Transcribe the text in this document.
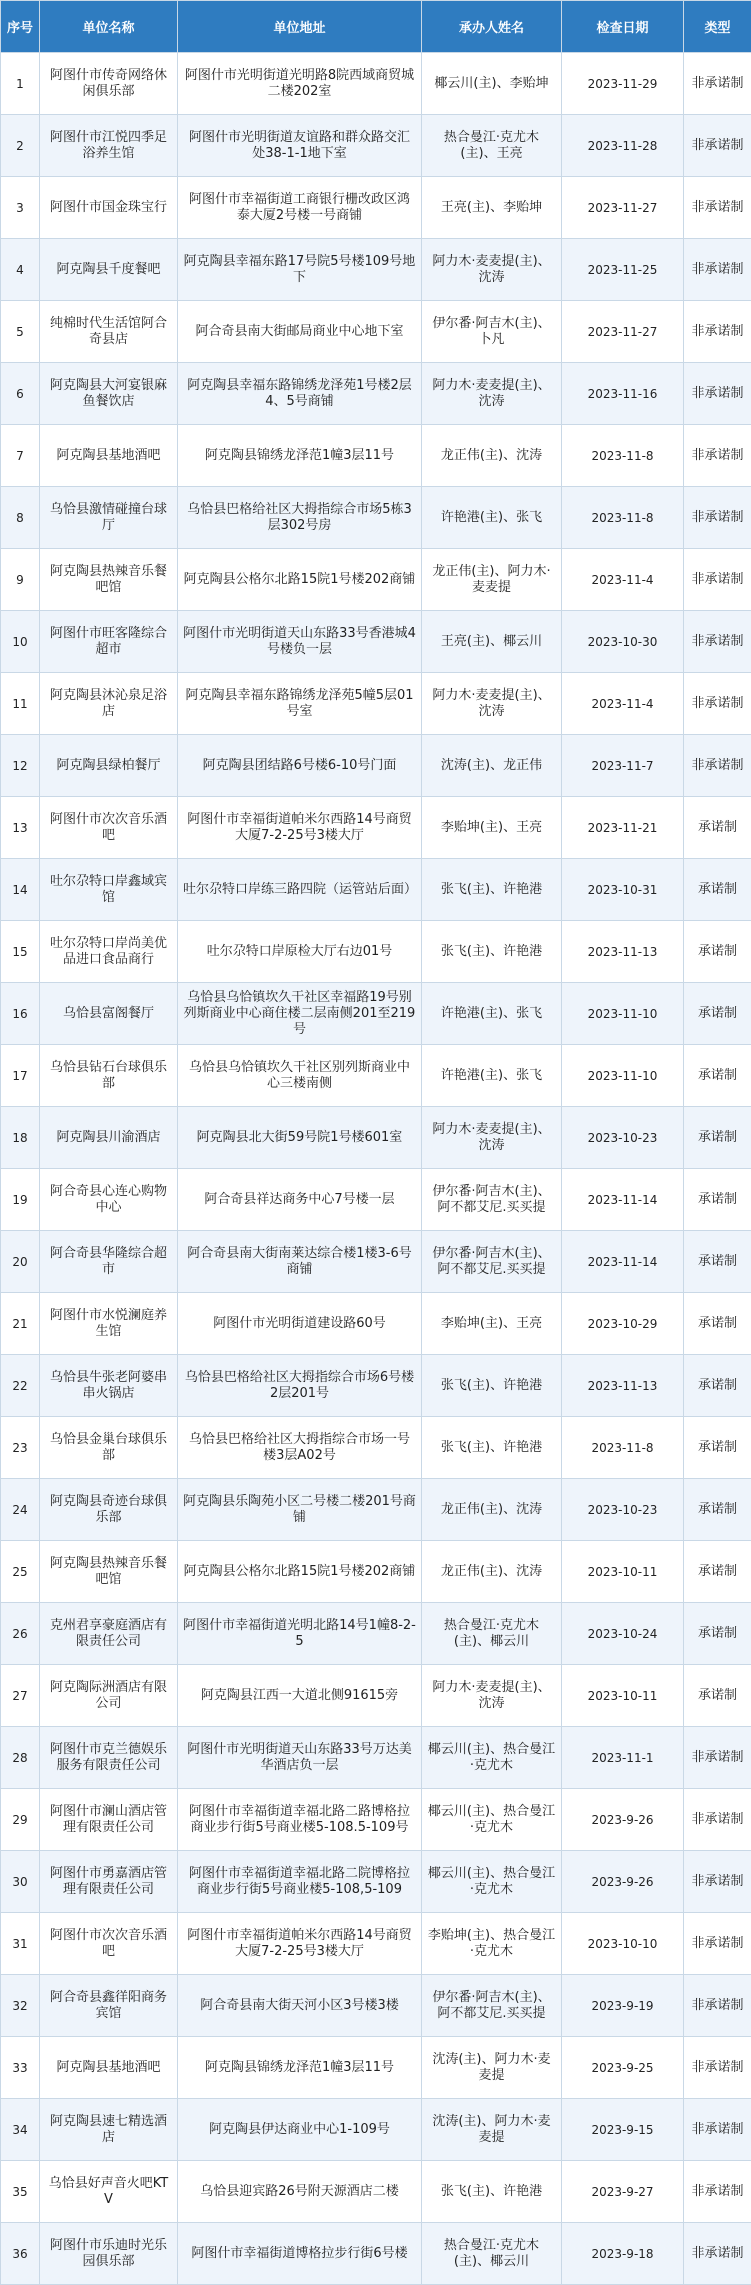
序号	单位名称	单位地址	承办人姓名	检查日期	类型
1	阿图什市传奇网络休闲俱乐部	阿图什市光明街道光明路8院西域商贸城二楼202室	椰云川(主)、李贻坤	2023-11-29	非承诺制
2	阿图什市江悦四季足浴养生馆	阿图什市光明街道友谊路和群众路交汇处38-1-1地下室	热合曼江·克尤木(主)、王亮	2023-11-28	非承诺制
3	阿图什市国金珠宝行	阿图什市幸福街道工商银行栅改政区鸿泰大厦2号楼一号商铺	王亮(主)、李贻坤	2023-11-27	非承诺制
4	阿克陶县千度餐吧	阿克陶县幸福东路17号院5号楼109号地下	阿力木·麦麦提(主)、沈涛	2023-11-25	非承诺制
5	纯棉时代生活馆阿合奇县店	阿合奇县南大街邮局商业中心地下室	伊尔番·阿吉木(主)、卜凡	2023-11-27	非承诺制
6	阿克陶县大河宴银麻鱼餐饮店	阿克陶县幸福东路锦绣龙泽苑1号楼2层4、5号商铺	阿力木·麦麦提(主)、沈涛	2023-11-16	非承诺制
7	阿克陶县基地酒吧	阿克陶县锦绣龙泽范1幢3层11号	龙正伟(主)、沈涛	2023-11-8	非承诺制
8	乌恰县激情碰撞台球厅	乌恰县巴格给社区大拇指综合市场5栋3层302号房	许艳港(主)、张飞	2023-11-8	非承诺制
9	阿克陶县热辣音乐餐吧馆	阿克陶县公格尔北路15院1号楼202商铺	龙正伟(主)、阿力木·麦麦提	2023-11-4	非承诺制
10	阿图什市旺客隆综合超市	阿图什市光明街道天山东路33号香港城4号楼负一层	王亮(主)、椰云川	2023-10-30	非承诺制
11	阿克陶县沐沁泉足浴店	阿克陶县幸福东路锦绣龙泽苑5幢5层01号室	阿力木·麦麦提(主)、沈涛	2023-11-4	非承诺制
12	阿克陶县绿柏餐厅	阿克陶县团结路6号楼6-10号门面	沈涛(主)、龙正伟	2023-11-7	非承诺制
13	阿图什市次次音乐酒吧	阿图什市幸福街道帕米尔西路14号商贸大厦7-2-25号3楼大厅	李贻坤(主)、王亮	2023-11-21	承诺制
14	吐尔尕特口岸鑫域宾馆	吐尔尕特口岸练三路四院（运管站后面）	张飞(主)、许艳港	2023-10-31	承诺制
15	吐尔尕特口岸尚美优品进口食品商行	吐尔尕特口岸原检大厅右边01号	张飞(主)、许艳港	2023-11-13	承诺制
16	乌恰县富阁餐厅	乌恰县乌恰镇坎久干社区幸福路19号别列斯商业中心商住楼二层南侧201至219号	许艳港(主)、张飞	2023-11-10	承诺制
17	乌恰县钻石台球俱乐部	乌恰县乌恰镇坎久干社区别列斯商业中心三楼南侧	许艳港(主)、张飞	2023-11-10	承诺制
18	阿克陶县川渝酒店	阿克陶县北大街59号院1号楼601室	阿力木·麦麦提(主)、沈涛	2023-10-23	承诺制
19	阿合奇县心连心购物中心	阿合奇县祥达商务中心7号楼一层	伊尔番·阿吉木(主)、阿不都艾尼.买买提	2023-11-14	承诺制
20	阿合奇县华隆综合超市	阿合奇县南大街南莱达综合楼1楼3-6号商铺	伊尔番·阿吉木(主)、阿不都艾尼.买买提	2023-11-14	承诺制
21	阿图什市水悦澜庭养生馆	阿图什市光明街道建设路60号	李贻坤(主)、王亮	2023-10-29	承诺制
22	乌恰县牛张老阿婆串串火锅店	乌恰县巴格给社区大拇指综合市场6号楼2层201号	张飞(主)、许艳港	2023-11-13	承诺制
23	乌恰县金巢台球俱乐部	乌恰县巴格给社区大拇指综合市场一号楼3层A02号	张飞(主)、许艳港	2023-11-8	承诺制
24	阿克陶县奇迹台球俱乐部	阿克陶县乐陶苑小区二号楼二楼201号商铺	龙正伟(主)、沈涛	2023-10-23	承诺制
25	阿克陶县热辣音乐餐吧馆	阿克陶县公格尔北路15院1号楼202商铺	龙正伟(主)、沈涛	2023-10-11	承诺制
26	克州君享豪庭酒店有限责任公司	阿图什市幸福街道光明北路14号1幢8-2-5	热合曼江·克尤木(主)、椰云川	2023-10-24	承诺制
27	阿克陶际洲酒店有限公司	阿克陶县江西一大道北侧91615旁	阿力木·麦麦提(主)、沈涛	2023-10-11	承诺制
28	阿图什市克兰德娱乐服务有限责任公司	阿图什市光明街道天山东路33号万达美华酒店负一层	椰云川(主)、热合曼江·克尤木	2023-11-1	非承诺制
29	阿图什市澜山酒店管理有限责任公司	阿图什市幸福街道幸福北路二路博格拉商业步行街5号商业楼5-108.5-109号	椰云川(主)、热合曼江·克尤木	2023-9-26	非承诺制
30	阿图什市勇嘉酒店管理有限责任公司	阿图什市幸福街道幸福北路二院博格拉商业步行街5号商业楼5-108,5-109	椰云川(主)、热合曼江·克尤木	2023-9-26	非承诺制
31	阿图什市次次音乐酒吧	阿图什市幸福街道帕米尔西路14号商贸大厦7-2-25号3楼大厅	李贻坤(主)、热合曼江·克尤木	2023-10-10	非承诺制
32	阿合奇县鑫徉阳商务宾馆	阿合奇县南大街天河小区3号楼3楼	伊尔番·阿吉木(主)、阿不都艾尼.买买提	2023-9-19	非承诺制
33	阿克陶县基地酒吧	阿克陶县锦绣龙泽范1幢3层11号	沈涛(主)、阿力木·麦麦提	2023-9-25	非承诺制
34	阿克陶县速七精选酒店	阿克陶县伊达商业中心1-109号	沈涛(主)、阿力木·麦麦提	2023-9-15	非承诺制
35	乌恰县好声音火吧KTV	乌恰县迎宾路26号附天源酒店二楼	张飞(主)、许艳港	2023-9-27	非承诺制
36	阿图什市乐迪时光乐园俱乐部	阿图什市幸福街道博格拉步行街6号楼	热合曼江·克尤木(主)、椰云川	2023-9-18	非承诺制
